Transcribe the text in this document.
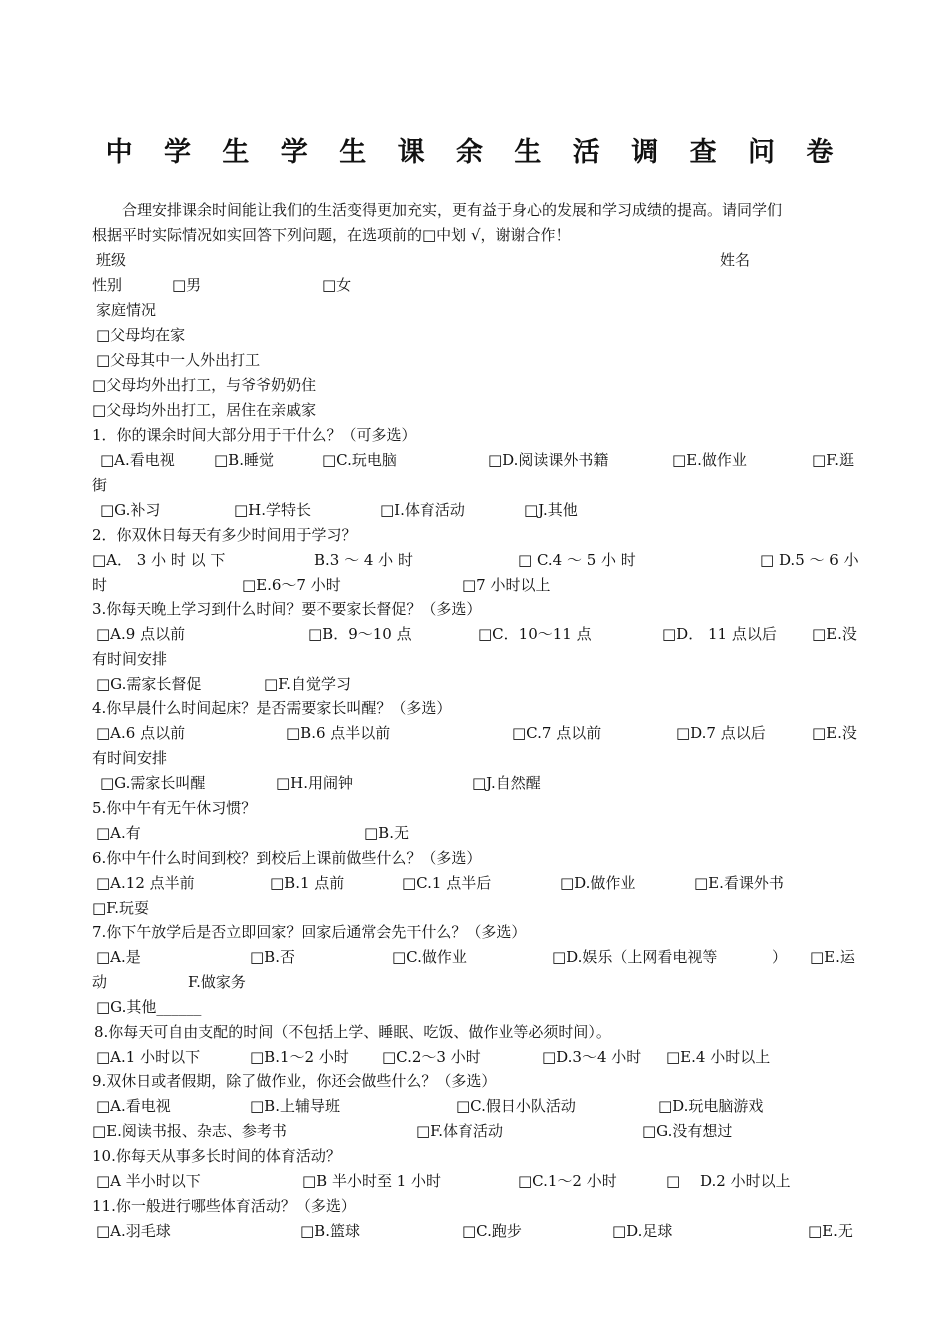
中 学 生 学 生 课 余 生 活 调 查 问 卷
合理安排课余时间能让我们的生活变得更加充实，更有益于身心的发展和学习成绩的提高。请同学们
根据平时实际情况如实回答下列问题，在选项前的□中划 √，谢谢合作！
班级	姓名
性别	□男	□女
家庭情况
□父母均在家
□父母其中一人外出打工
□父母均外出打工，与爷爷奶奶住
□父母均外出打工，居住在亲戚家
1．你的课余时间大部分用于干什么？（可多选）
□A.看电视	□B.睡觉	□C.玩电脑	□D.阅读课外书籍	□E.做作业	□F.逛
街
□G.补习	□H.学特长	□I.体育活动	□J.其他
2．你双休日每天有多少时间用于学习？
□A． 3 小 时 以 下	B.3 ～ 4 小 时	□ C.4 ～ 5 小 时	□ D.5 ～ 6 小
时	□E.6～7 小时	□7 小时以上
3.你每天晚上学习到什么时间？要不要家长督促？（多选）
□A.9 点以前	□B．9～10 点	□C．10～11 点	□D． 11 点以后 □E.没
有时间安排
□G.需家长督促	□F.自觉学习
4.你早晨什么时间起床？是否需要家长叫醒？（多选）
□A.6 点以前	□B.6 点半以前	□C.7 点以前	□D.7 点以后	□E.没
有时间安排
□G.需家长叫醒	□H.用闹钟	□J.自然醒
5.你中午有无午休习惯？
□A.有	□B.无
6.你中午什么时间到校？到校后上课前做些什么？（多选）
□A.12 点半前	□B.1 点前	□C.1 点半后	□D.做作业	□E.看课外书
□F.玩耍
7.你下午放学后是否立即回家？回家后通常会先干什么？（多选）
□A.是	□B.否	□C.做作业	□D.娱乐（上网看电视等	） □E.运
动	F.做家务
□G.其他______
8.你每天可自由支配的时间（不包括上学、睡眠、吃饭、做作业等必须时间）。
□A.1 小时以下	□B.1～2 小时 □C.2～3 小时	□D.3～4 小时 □E.4 小时以上
9.双休日或者假期，除了做作业，你还会做些什么？（多选）
□A.看电视	□B.上辅导班	□C.假日小队活动	□D.玩电脑游戏
□E.阅读书报、杂志、参考书	□F.体育活动	□G.没有想过
10.你每天从事多长时间的体育活动？
□A 半小时以下	□B 半小时至 1 小时	□C.1～2 小时	□ D.2 小时以上
11.你一般进行哪些体育活动？（多选）
□A.羽毛球	□B.篮球	□C.跑步	□D.足球	□E.无
